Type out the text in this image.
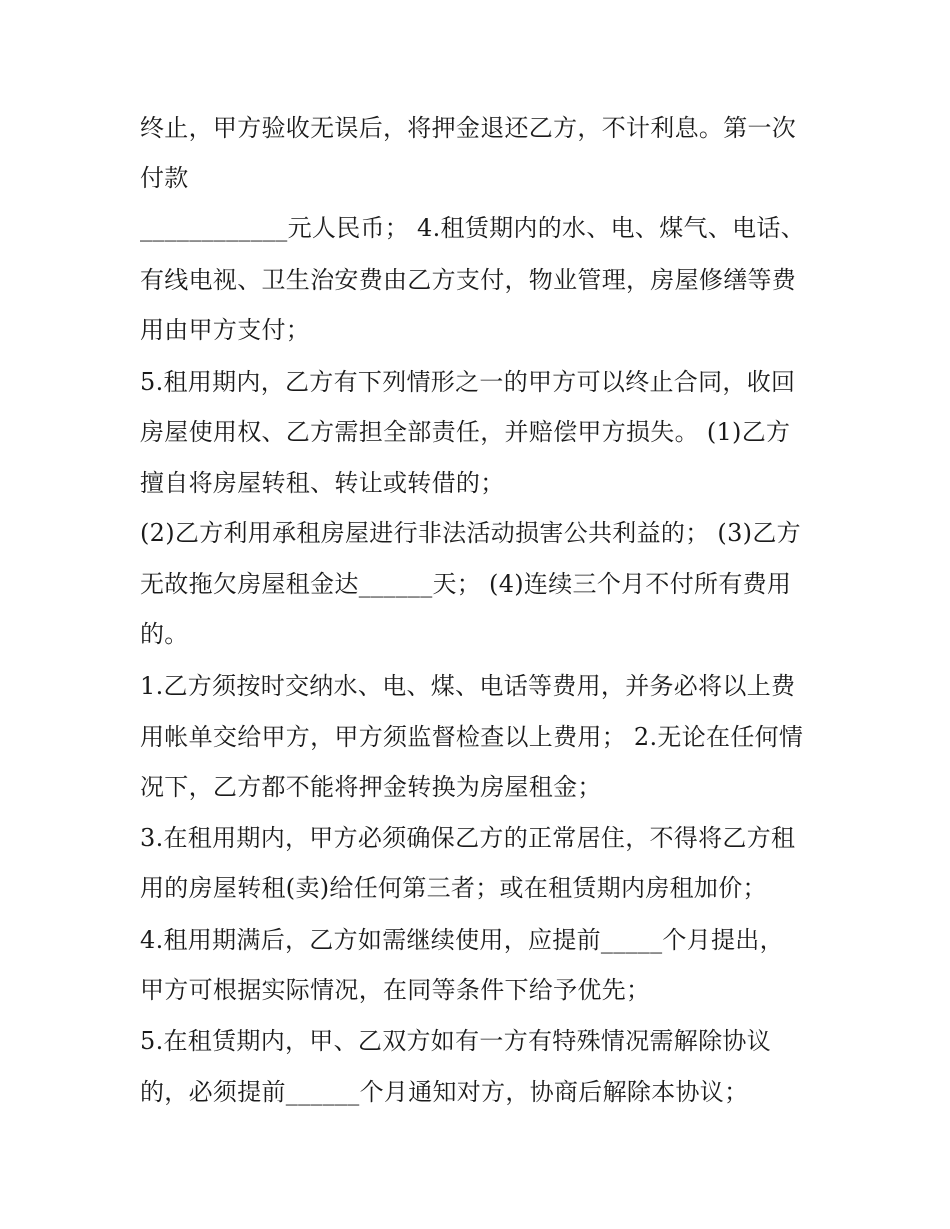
终止，甲方验收无误后，将押金退还乙方，不计利息。第一次
付款
____________元人民币； 4.租赁期内的水、电、煤气、电话、
有线电视、卫生治安费由乙方支付，物业管理，房屋修缮等费
用由甲方支付；
5.租用期内，乙方有下列情形之一的甲方可以终止合同，收回
房屋使用权、乙方需担全部责任，并赔偿甲方损失。 (1)乙方
擅自将房屋转租、转让或转借的；
(2)乙方利用承租房屋进行非法活动损害公共利益的； (3)乙方
无故拖欠房屋租金达______天； (4)连续三个月不付所有费用
的。
1.乙方须按时交纳水、电、煤、电话等费用，并务必将以上费
用帐单交给甲方，甲方须监督检查以上费用； 2.无论在任何情
况下，乙方都不能将押金转换为房屋租金；
3.在租用期内，甲方必须确保乙方的正常居住，不得将乙方租
用的房屋转租(卖)给任何第三者；或在租赁期内房租加价；
4.租用期满后，乙方如需继续使用，应提前_____个月提出，
甲方可根据实际情况，在同等条件下给予优先；
5.在租赁期内，甲、乙双方如有一方有特殊情况需解除协议
的，必须提前______个月通知对方，协商后解除本协议；
